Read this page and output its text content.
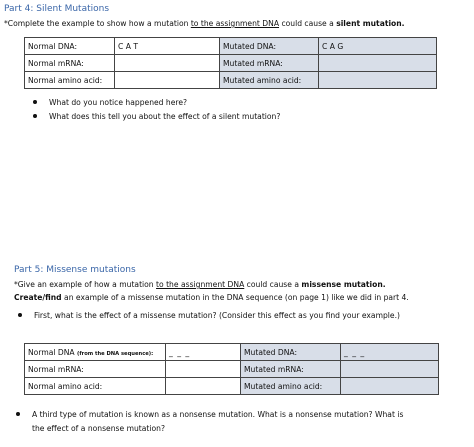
Part 4: Silent Mutations
*Complete the example to show how a mutation to the assignment DNA could cause a silent mutation.
Normal DNA:	C A T	Mutated DNA:	C A G
Normal mRNA:		Mutated mRNA:	
Normal amino acid:		Mutated amino acid:	
What do you notice happened here?
What does this tell you about the effect of a silent mutation?
Part 5: Missense mutations
*Give an example of how a mutation to the assignment DNA could cause a missense mutation.
Create/find an example of a missense mutation in the DNA sequence (on page 1) like we did in part 4.
First, what is the effect of a missense mutation? (Consider this effect as you find your example.)
Normal DNA (from the DNA sequence):	_ _ _	Mutated DNA:	_ _ _
Normal mRNA:		Mutated mRNA:	
Normal amino acid:		Mutated amino acid:	
A third type of mutation is known as a nonsense mutation. What is a nonsense mutation? What is
the effect of a nonsense mutation?
